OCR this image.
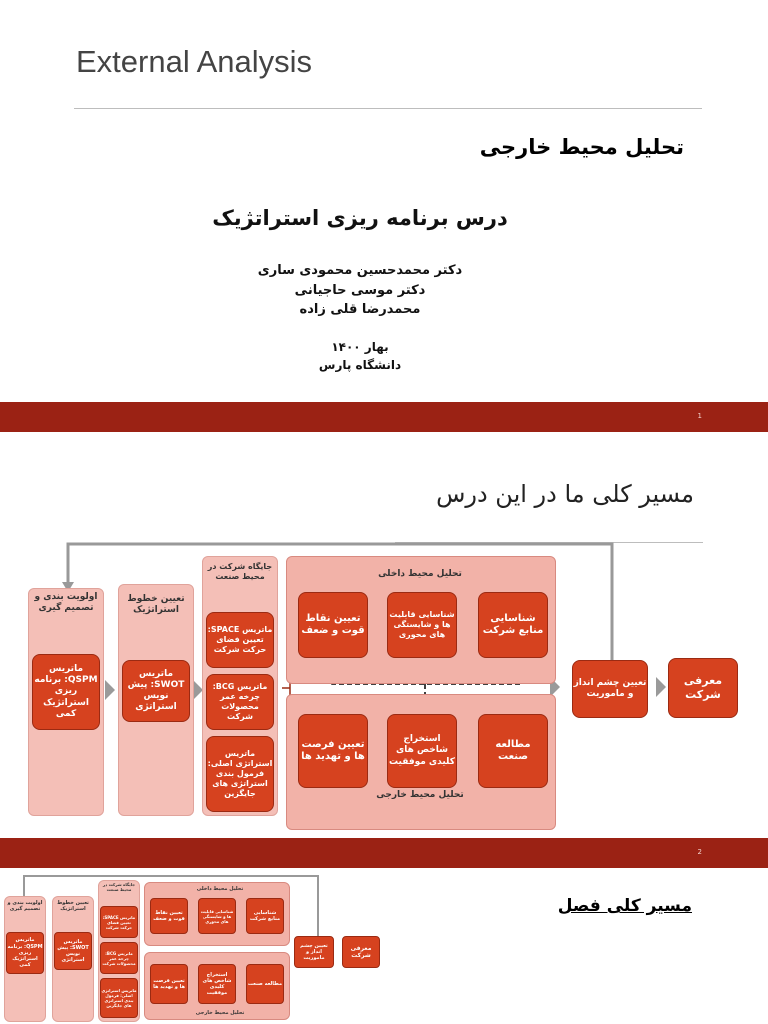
External Analysis
تحلیل محیط خارجی
درس برنامه ریزی استراتژیک
دکتر محمدحسین محمودی ساری
دکتر موسی حاجیانی
محمدرضا قلی زاده
بهار ۱۴۰۰
دانشگاه پارس
1
مسیر کلی ما در این درس
تحلیل محیط داخلی
تحلیل محیط خارجی
شناسایی منابع شرکت
شناسایی قابلیت ها و شایستگی های محوری
تعیین نقاط قوت و ضعف
مطالعه صنعت
استخراج شاخص های کلیدی موفقیت
تعیین فرصت ها و تهدید ها
معرفی شرکت
تعیین چشم انداز و ماموریت
جایگاه شرکت در محیط صنعت
ماتریس SPACE: تعیین فضای حرکت شرکت
ماتریس BCG: چرخه عمر محصولات شرکت
ماتریس استراتژی اصلی: فرمول بندی استراتژی های جایگزین
تعیین خطوط استراتژیک
ماتریس SWOT: پیش نویس استراتژی
اولویت بندی و تصمیم گیری
ماتریس QSPM: برنامه ریزی استراتژیک کمی
2
مسیر کلی فصل
تحلیل محیط داخلی
تحلیل محیط خارجی
شناسایی منابع شرکت
شناسایی قابلیت ها و شایستگی های محوری
تعیین نقاط قوت و ضعف
مطالعه صنعت
استخراج شاخص های کلیدی موفقیت
تعیین فرصت ها و تهدید ها
معرفی شرکت
تعیین چشم انداز و ماموریت
جایگاه شرکت در محیط صنعت
ماتریس SPACE: تعیین فضای حرکت شرکت
ماتریس BCG: چرخه عمر محصولات شرکت
ماتریس استراتژی اصلی: فرمول بندی استراتژی های جایگزین
تعیین خطوط استراتژیک
ماتریس SWOT: پیش نویس استراتژی
اولویت بندی و تصمیم گیری
ماتریس QSPM: برنامه ریزی استراتژیک کمی
